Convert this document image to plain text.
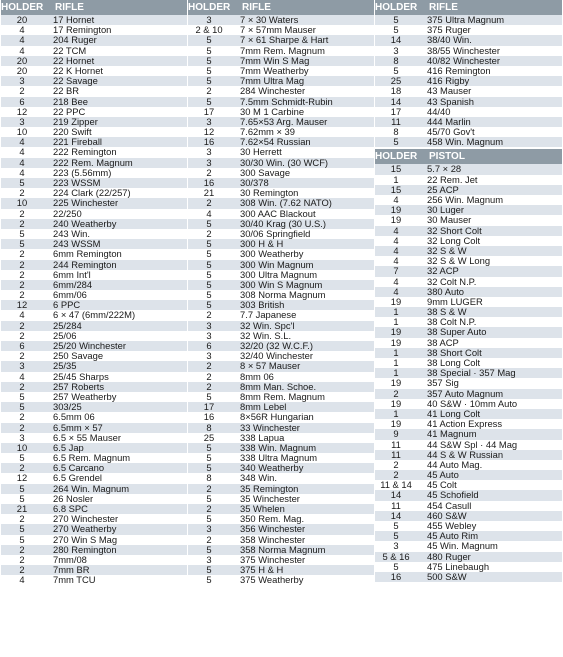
HOLDER	RIFLE
20	17 Hornet
4	17 Remington
4	204 Ruger
4	22 TCM
20	22 Hornet
20	22 K Hornet
3	22 Savage
2	22 BR
6	218 Bee
12	22 PPC
3	219 Zipper
10	220 Swift
4	221 Fireball
4	222 Remington
4	222 Rem. Magnum
4	223 (5.56mm)
5	223 WSSM
2	224 Clark (22/257)
10	225 Winchester
2	22/250
2	240 Weatherby
5	243 Win.
5	243 WSSM
2	6mm Remington
2	244 Remington
2	6mm Int'l
2	6mm/284
2	6mm/06
12	6 PPC
4	6 × 47 (6mm/222M)
2	25/284
2	25/06
6	25/20 Winchester
2	250 Savage
3	25/35
4	25/45 Sharps
2	257 Roberts
5	257 Weatherby
5	303/25
2	6.5mm 06
2	6.5mm × 57
3	6.5 × 55 Mauser
10	6.5 Jap
5	6.5 Rem. Magnum
2	6.5 Carcano
12	6.5 Grendel
5	264 Win. Magnum
5	26 Nosler
21	6.8 SPC
2	270 Winchester
5	270 Weatherby
5	270 Win S Mag
2	280 Remington
2	7mm/08
2	7mm BR
4	7mm TCU
HOLDER	RIFLE
3	7 × 30 Waters
2 & 10	7 × 57mm Mauser
5	7 × 61 Sharpe & Hart
5	7mm Rem. Magnum
5	7mm Win S Mag
5	7mm Weatherby
5	7mm Ultra Mag
2	284 Winchester
5	7.5mm Schmidt-Rubin
17	30 M 1 Carbine
3	7.65×53 Arg. Mauser
12	7.62mm × 39
16	7.62×54 Russian
3	30 Herrett
3	30/30 Win. (30 WCF)
2	300 Savage
16	30/378
21	30 Remington
2	308 Win. (7.62 NATO)
4	300 AAC Blackout
5	30/40 Krag (30 U.S.)
2	30/06 Springfield
5	300 H & H
5	300 Weatherby
5	300 Win Magnum
5	300 Ultra Magnum
5	300 Win S Magnum
5	308 Norma Magnum
5	303 British
2	7.7 Japanese
3	32 Win. Spc'l
3	32 Win. S.L.
6	32/20 (32 W.C.F.)
3	32/40 Winchester
2	8 × 57 Mauser
2	8mm 06
2	8mm Man. Schoe.
5	8mm Rem. Magnum
17	8mm Lebel
16	8×56R Hungarian
8	33 Winchester
25	338 Lapua
5	338 Win. Magnum
5	338 Ultra Magnum
5	340 Weatherby
8	348 Win.
2	35 Remington
5	35 Winchester
2	35 Whelen
5	350 Rem. Mag.
3	356 Winchester
2	358 Winchester
5	358 Norma Magnum
3	375 Winchester
5	375 H & H
5	375 Weatherby
HOLDER	RIFLE
5	375 Ultra Magnum
5	375 Ruger
14	38/40 Win.
3	38/55 Winchester
8	40/82 Winchester
5	416 Remington
25	416 Rigby
18	43 Mauser
14	43 Spanish
17	44/40
11	444 Marlin
8	45/70 Gov't
5	458 Win. Magnum
HOLDER	PISTOL
15	5.7 × 28
1	22 Rem. Jet
15	25 ACP
4	256 Win. Magnum
19	30 Luger
19	30 Mauser
4	32 Short Colt
4	32 Long Colt
4	32 S & W
4	32 S & W Long
7	32 ACP
4	32 Colt N.P.
4	380 Auto
19	9mm LUGER
1	38 S & W
1	38 Colt N.P.
19	38 Super Auto
19	38 ACP
1	38 Short Colt
1	38 Long Colt
1	38 Special · 357 Mag
19	357 Sig
2	357 Auto Magnum
19	40 S&W · 10mm Auto
1	41 Long Colt
19	41 Action Express
9	41 Magnum
11	44 S&W Spl · 44 Mag
11	44 S & W Russian
2	44 Auto Mag.
2	45 Auto
11 & 14	45 Colt
14	45 Schofield
11	454 Casull
14	460 S&W
5	455 Webley
5	45 Auto Rim
3	45 Win. Magnum
5 & 16	480 Ruger
5	475 Linebaugh
16	500 S&W
